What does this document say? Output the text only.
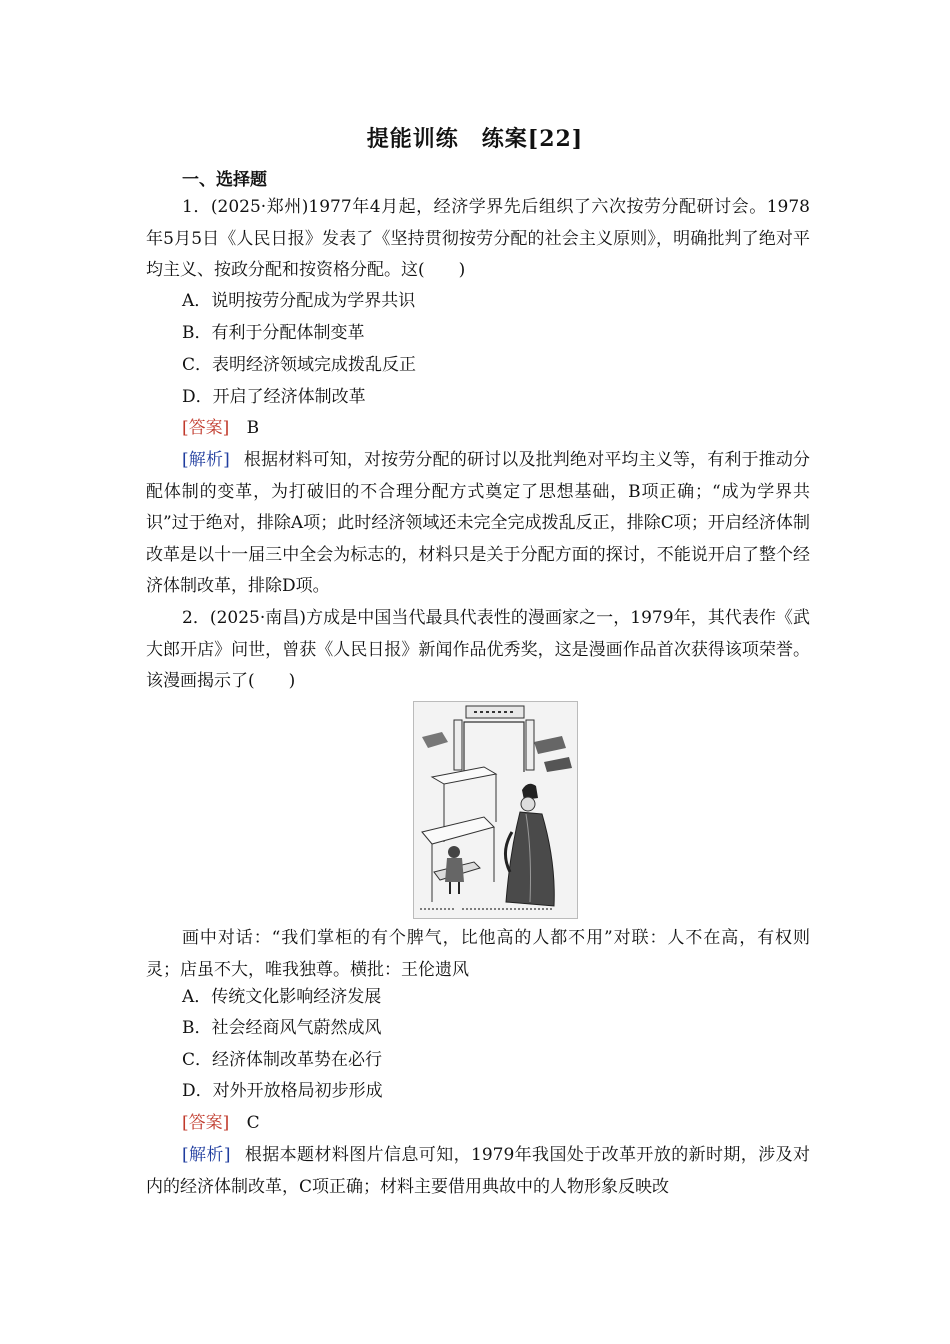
提能训练　练案[22]
一、选择题
1．(2025·郑州)1977年4月起，经济学界先后组织了六次按劳分配研讨会。1978年5月5日《人民日报》发表了《坚持贯彻按劳分配的社会主义原则》，明确批判了绝对平均主义、按政分配和按资格分配。这(　　)
A．说明按劳分配成为学界共识
B．有利于分配体制变革
C．表明经济领域完成拨乱反正
D．开启了经济体制改革
[答案] B
[解析] 根据材料可知，对按劳分配的研讨以及批判绝对平均主义等，有利于推动分配体制的变革，为打破旧的不合理分配方式奠定了思想基础，B项正确；“成为学界共识”过于绝对，排除A项；此时经济领域还未完全完成拨乱反正，排除C项；开启经济体制改革是以十一届三中全会为标志的，材料只是关于分配方面的探讨，不能说开启了整个经济体制改革，排除D项。
2．(2025·南昌)方成是中国当代最具代表性的漫画家之一，1979年，其代表作《武大郎开店》问世，曾获《人民日报》新闻作品优秀奖，这是漫画作品首次获得该项荣誉。该漫画揭示了(　　)
画中对话：“我们掌柜的有个脾气，比他高的人都不用”对联：人不在高，有权则灵；店虽不大，唯我独尊。横批：王伦遗风
A．传统文化影响经济发展
B．社会经商风气蔚然成风
C．经济体制改革势在必行
D．对外开放格局初步形成
[答案] C
[解析] 根据本题材料图片信息可知，1979年我国处于改革开放的新时期，涉及对内的经济体制改革，C项正确；材料主要借用典故中的人物形象反映改
